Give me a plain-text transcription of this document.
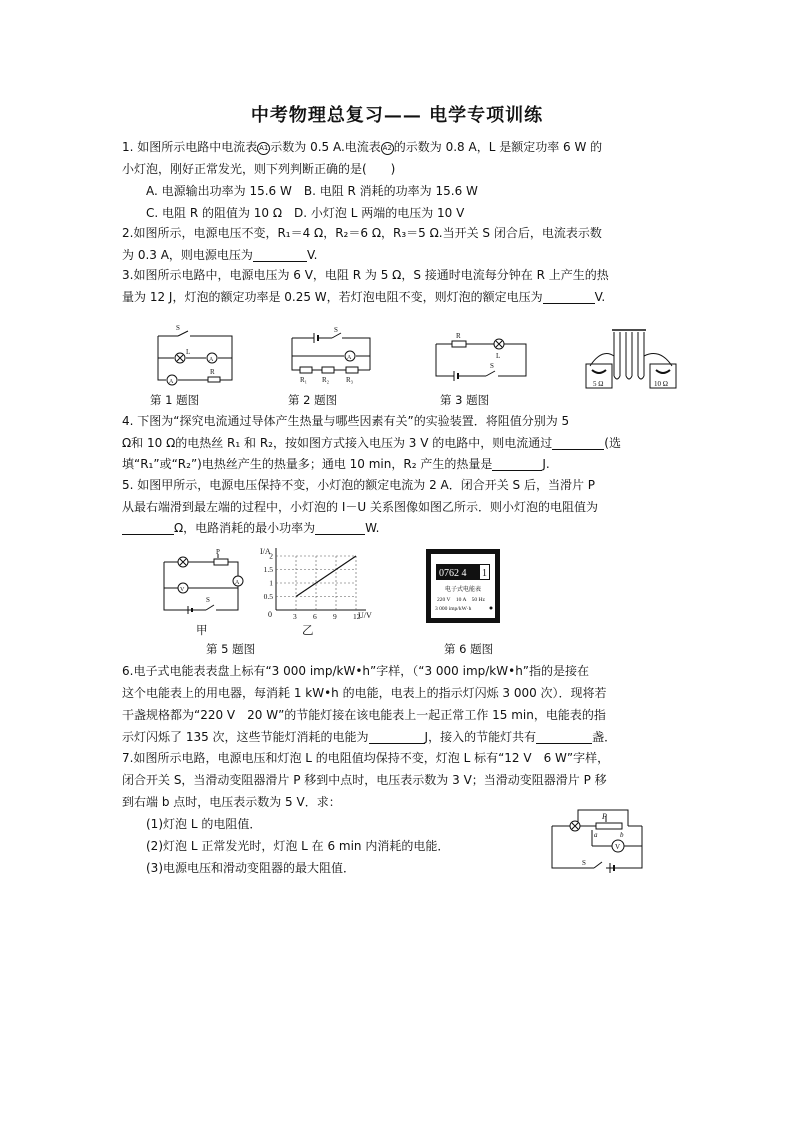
中考物理总复习—— 电学专项训练
1. 如图所示电路中电流表 A1 示数为 0.5 A.电流表 A2 的示数为 0.8 A，L 是额定功率 6 W 的
小灯泡，刚好正常发光，则下列判断正确的是(　　)
A. 电源输出功率为 15.6 W　B. 电阻 R 消耗的功率为 15.6 W
C. 电阻 R 的阻值为 10 Ω　D. 小灯泡 L 两端的电压为 10 V
2.如图所示，电源电压不变，R₁＝4 Ω，R₂＝6 Ω，R₃＝5 Ω.当开关 S 闭合后，电流表示数
为 0.3 A，则电源电压为	V.
3.如图所示电路中，电源电压为 6 V，电阻 R 为 5 Ω，S 接通时电流每分钟在 R 上产生的热
量为 12 J，灯泡的额定功率是 0.25 W，若灯泡电阻不变，则灯泡的额定电压为	V.
S
L
A
A
R
第 1 题图
S
A
R₁ R₂ R₃
第 2 题图
R
L
S
第 3 题图
5 Ω	10 Ω
4. 下图为“探究电流通过导体产生热量与哪些因素有关”的实验装置．将阻值分别为 5
Ω和 10 Ω的电热丝 R₁ 和 R₂，按如图方式接入电压为 3 V 的电路中，则电流通过	(选
填“R₁”或“R₂”)电热丝产生的热量多；通电 10 min，R₂ 产生的热量是	J.
5. 如图甲所示，电源电压保持不变，小灯泡的额定电流为 2 A．闭合开关 S 后，当滑片 P
从最右端滑到最左端的过程中，小灯泡的 I－U 关系图像如图乙所示．则小灯泡的电阻值为
Ω，电路消耗的最小功率为	W.
P
V
A
S
甲
I/A
U/V
0	3 6 9 12
0.5
1
1.5
2
乙
第 5 题图
0762 4 1
电子式电能表
220 V　10 A　50 Hz
3 000 imp/kW·h
第 6 题图
6.电子式电能表表盘上标有“3 000 imp/kW•h”字样，（“3 000 imp/kW•h”指的是接在
这个电能表上的用电器，每消耗 1 kW•h 的电能，电表上的指示灯闪烁 3 000 次）．现将若
干盏规格都为“220 V　20 W”的节能灯接在该电能表上一起正常工作 15 min，电能表的指
示灯闪烁了 135 次，这些节能灯消耗的电能为	J，接入的节能灯共有	盏．
7.如图所示电路，电源电压和灯泡 L 的电阻值均保持不变，灯泡 L 标有“12 V　6 W”字样，
闭合开关 S，当滑动变阻器滑片 P 移到中点时，电压表示数为 3 V；当滑动变阻器滑片 P 移
到右端 b 点时，电压表示数为 5 V．求：
(1)灯泡 L 的电阻值．
(2)灯泡 L 正常发光时，灯泡 L 在 6 min 内消耗的电能．
(3)电源电压和滑动变阻器的最大阻值．
P
a	b
V
S
